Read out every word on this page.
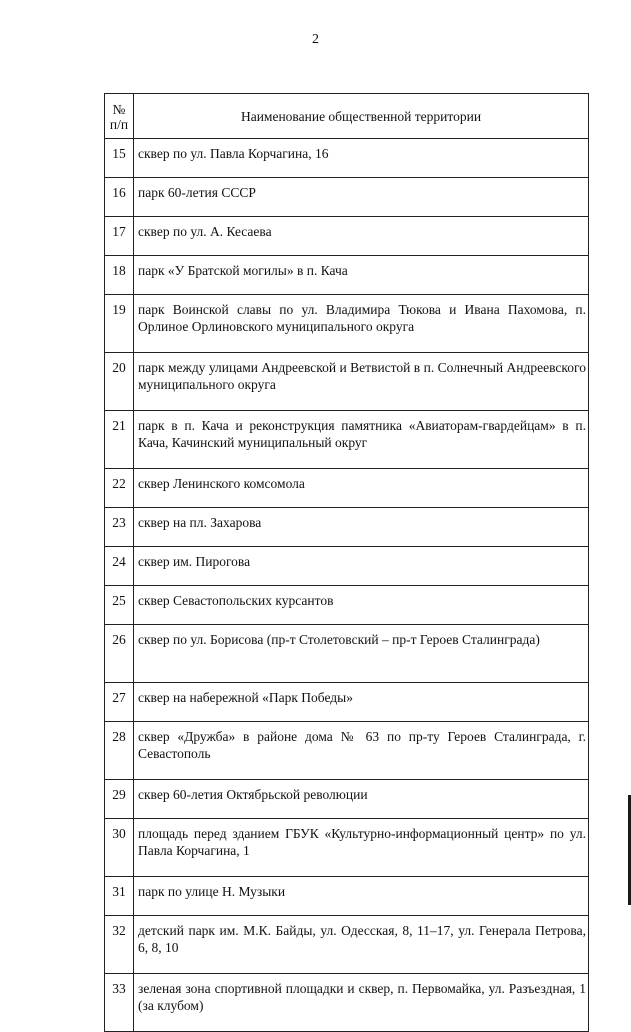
2
№
п/п	Наименование общественной территории
15	сквер по ул. Павла Корчагина, 16
16	парк 60-летия СССР
17	сквер по ул. А. Кесаева
18	парк «У Братской могилы» в п. Кача
19	парк Воинской славы по ул. Владимира Тюкова и Ивана Пахомова, п. Орлиное Орлиновского муниципального округа
20	парк между улицами Андреевской и Ветвистой в п. Солнечный Андреевского муниципального округа
21	парк в п. Кача и реконструкция памятника «Авиаторам-гвардейцам» в п. Кача, Качинский муниципальный округ
22	сквер Ленинского комсомола
23	сквер на пл. Захарова
24	сквер им. Пирогова
25	сквер Севастопольских курсантов
26	сквер по ул. Борисова (пр-т Столетовский – пр-т Героев Сталинграда)
27	сквер на набережной «Парк Победы»
28	сквер «Дружба» в районе дома № 63 по пр-ту Героев Сталинграда, г. Севастополь
29	сквер 60-летия Октябрьской революции
30	площадь перед зданием ГБУК «Культурно-информационный центр» по ул. Павла Корчагина, 1
31	парк по улице Н. Музыки
32	детский парк им. М.К. Байды, ул. Одесская, 8, 11–17, ул. Генерала Петрова, 6, 8, 10
33	зеленая зона спортивной площадки и сквер, п. Первомайка, ул. Разъездная, 1 (за клубом)
